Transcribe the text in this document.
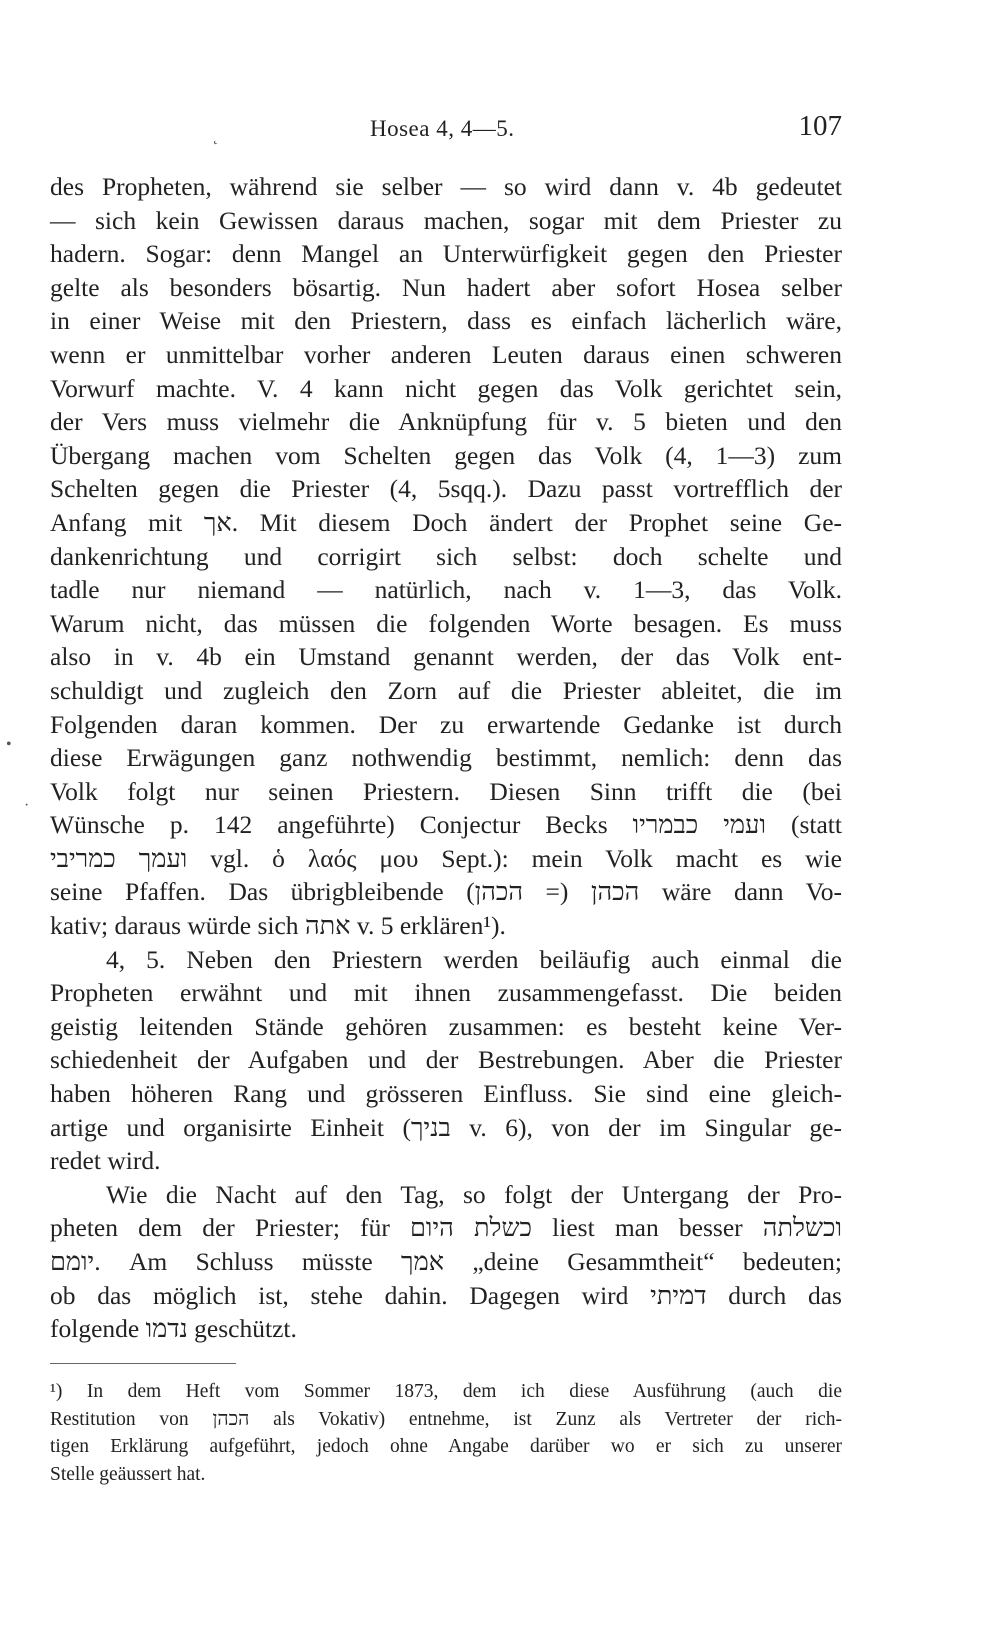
Hosea 4, 4—5.	107
˛
•
·
des Propheten, während sie selber — so wird dann v. 4b gedeutet
— sich kein Gewissen daraus machen, sogar mit dem Priester zu
hadern. Sogar: denn Mangel an Unterwürfigkeit gegen den Priester
gelte als besonders bösartig. Nun hadert aber sofort Hosea selber
in einer Weise mit den Priestern, dass es einfach lächerlich wäre,
wenn er unmittelbar vorher anderen Leuten daraus einen schweren
Vorwurf machte. V. 4 kann nicht gegen das Volk gerichtet sein,
der Vers muss vielmehr die Anknüpfung für v. 5 bieten und den
Übergang machen vom Schelten gegen das Volk (4, 1—3) zum
Schelten gegen die Priester (4, 5sqq.). Dazu passt vortrefflich der
Anfang mit אך. Mit diesem Doch ändert der Prophet seine Ge-
dankenrichtung und corrigirt sich selbst: doch schelte und
tadle nur niemand — natürlich, nach v. 1—3, das Volk.
Warum nicht, das müssen die folgenden Worte besagen. Es muss
also in v. 4b ein Umstand genannt werden, der das Volk ent-
schuldigt und zugleich den Zorn auf die Priester ableitet, die im
Folgenden daran kommen. Der zu erwartende Gedanke ist durch
diese Erwägungen ganz nothwendig bestimmt, nemlich: denn das
Volk folgt nur seinen Priestern. Diesen Sinn trifft die (bei
Wünsche p. 142 angeführte) Conjectur Becks ועמי כבמריו (statt
ועמך כמריבי vgl. ὁ λαός μου Sept.): mein Volk macht es wie
seine Pfaffen. Das übrigbleibende הכהן (= הכהן) wäre dann Vo-
kativ; daraus würde sich אתה v. 5 erklären¹).
4, 5. Neben den Priestern werden beiläufig auch einmal die
Propheten erwähnt und mit ihnen zusammengefasst. Die beiden
geistig leitenden Stände gehören zusammen: es besteht keine Ver-
schiedenheit der Aufgaben und der Bestrebungen. Aber die Priester
haben höheren Rang und grösseren Einfluss. Sie sind eine gleich-
artige und organisirte Einheit (בניך v. 6), von der im Singular ge-
redet wird.
Wie die Nacht auf den Tag, so folgt der Untergang der Pro-
pheten dem der Priester; für כשלת היום liest man besser וכשלתה
יומם. Am Schluss müsste אמך „deine Gesammtheit“ bedeuten;
ob das möglich ist, stehe dahin. Dagegen wird דמיתי durch das
folgende נדמו geschützt.
¹) In dem Heft vom Sommer 1873, dem ich diese Ausführung (auch die
Restitution von הכהן als Vokativ) entnehme, ist Zunz als Vertreter der rich-
tigen Erklärung aufgeführt, jedoch ohne Angabe darüber wo er sich zu unserer
Stelle geäussert hat.
